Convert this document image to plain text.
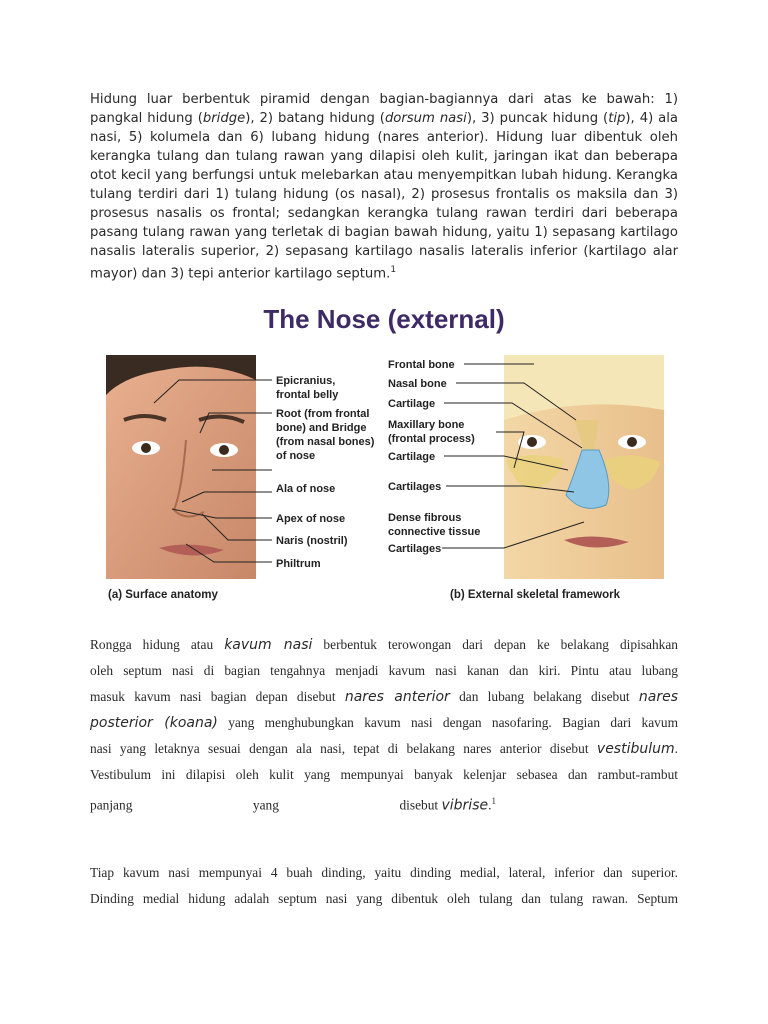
Hidung luar berbentuk piramid dengan bagian-bagiannya dari atas ke bawah: 1) pangkal hidung (bridge), 2) batang hidung (dorsum nasi), 3) puncak hidung (tip), 4) ala nasi, 5) kolumela dan 6) lubang hidung (nares anterior). Hidung luar dibentuk oleh kerangka tulang dan tulang rawan yang dilapisi oleh kulit, jaringan ikat dan beberapa otot kecil yang berfungsi untuk melebarkan atau menyempitkan lubah hidung. Kerangka tulang terdiri dari 1) tulang hidung (os nasal), 2) prosesus frontalis os maksila dan 3) prosesus nasalis os frontal; sedangkan kerangka tulang rawan terdiri dari beberapa pasang tulang rawan yang terletak di bagian bawah hidung, yaitu 1) sepasang kartilago nasalis lateralis superior, 2) sepasang kartilago nasalis lateralis inferior (kartilago alar mayor) dan 3) tepi anterior kartilago septum.$^1$
Epicranius,
frontal belly
Root (from frontal
bone) and Bridge
(from nasal bones)
of nose
Ala of nose
Apex of nose
Naris (nostril)
Philtrum
Frontal bone
Nasal bone
Cartilage
Maxillary bone
(frontal process)
Cartilage
Cartilages
Dense fibrous
connective tissue
Cartilages
(a) Surface anatomy	(b) External skeletal framework
The Nose (external)
Rongga hidung atau kavum nasi berbentuk terowongan dari depan ke belakang dipisahkan
oleh septum nasi di bagian tengahnya menjadi kavum nasi kanan dan kiri. Pintu atau lubang
masuk kavum nasi bagian depan disebut nares anterior dan lubang belakang disebut nares
posterior (koana) yang menghubungkan kavum nasi dengan nasofaring. Bagian dari kavum
nasi yang letaknya sesuai dengan ala nasi, tepat di belakang nares anterior disebut vestibulum.
Vestibulum ini dilapisi oleh kulit yang mempunyai banyak kelenjar sebasea dan rambut-rambut
panjang                                    yang                                    disebut vibrise.$^1$
Tiap kavum nasi mempunyai 4 buah dinding, yaitu dinding medial, lateral, inferior dan superior.
Dinding medial hidung adalah septum nasi yang dibentuk oleh tulang dan tulang rawan. Septum
